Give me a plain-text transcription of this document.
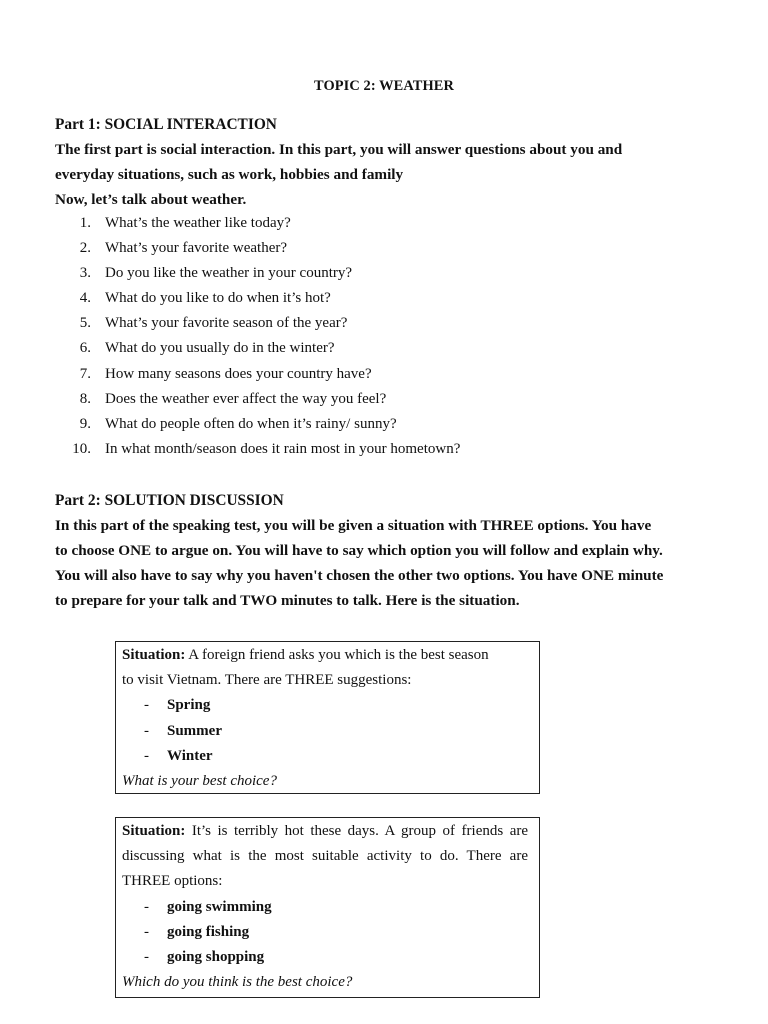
TOPIC 2: WEATHER
Part 1: SOCIAL INTERACTION
The first part is social interaction. In this part, you will answer questions about you and
everyday situations, such as work, hobbies and family
Now, let’s talk about weather.
1. What’s the weather like today?
2. What’s your favorite weather?
3. Do you like the weather in your country?
4. What do you like to do when it’s hot?
5. What’s your favorite season of the year?
6. What do you usually do in the winter?
7. How many seasons does your country have?
8. Does the weather ever affect the way you feel?
9. What do people often do when it’s rainy/ sunny?
10. In what month/season does it rain most in your hometown?
Part 2: SOLUTION DISCUSSION
In this part of the speaking test, you will be given a situation with THREE options. You have
to choose ONE to argue on. You will have to say which option you will follow and explain why.
You will also have to say why you haven't chosen the other two options. You have ONE minute
to prepare for your talk and TWO minutes to talk. Here is the situation.
Situation: A foreign friend asks you which is the best season
to visit Vietnam. There are THREE suggestions:
- Spring
- Summer
- Winter
What is your best choice?
Situation: It’s is terribly hot these days. A group of friends are discussing what is the most suitable activity to do. There are THREE options:
- going swimming
- going fishing
- going shopping
Which do you think is the best choice?
